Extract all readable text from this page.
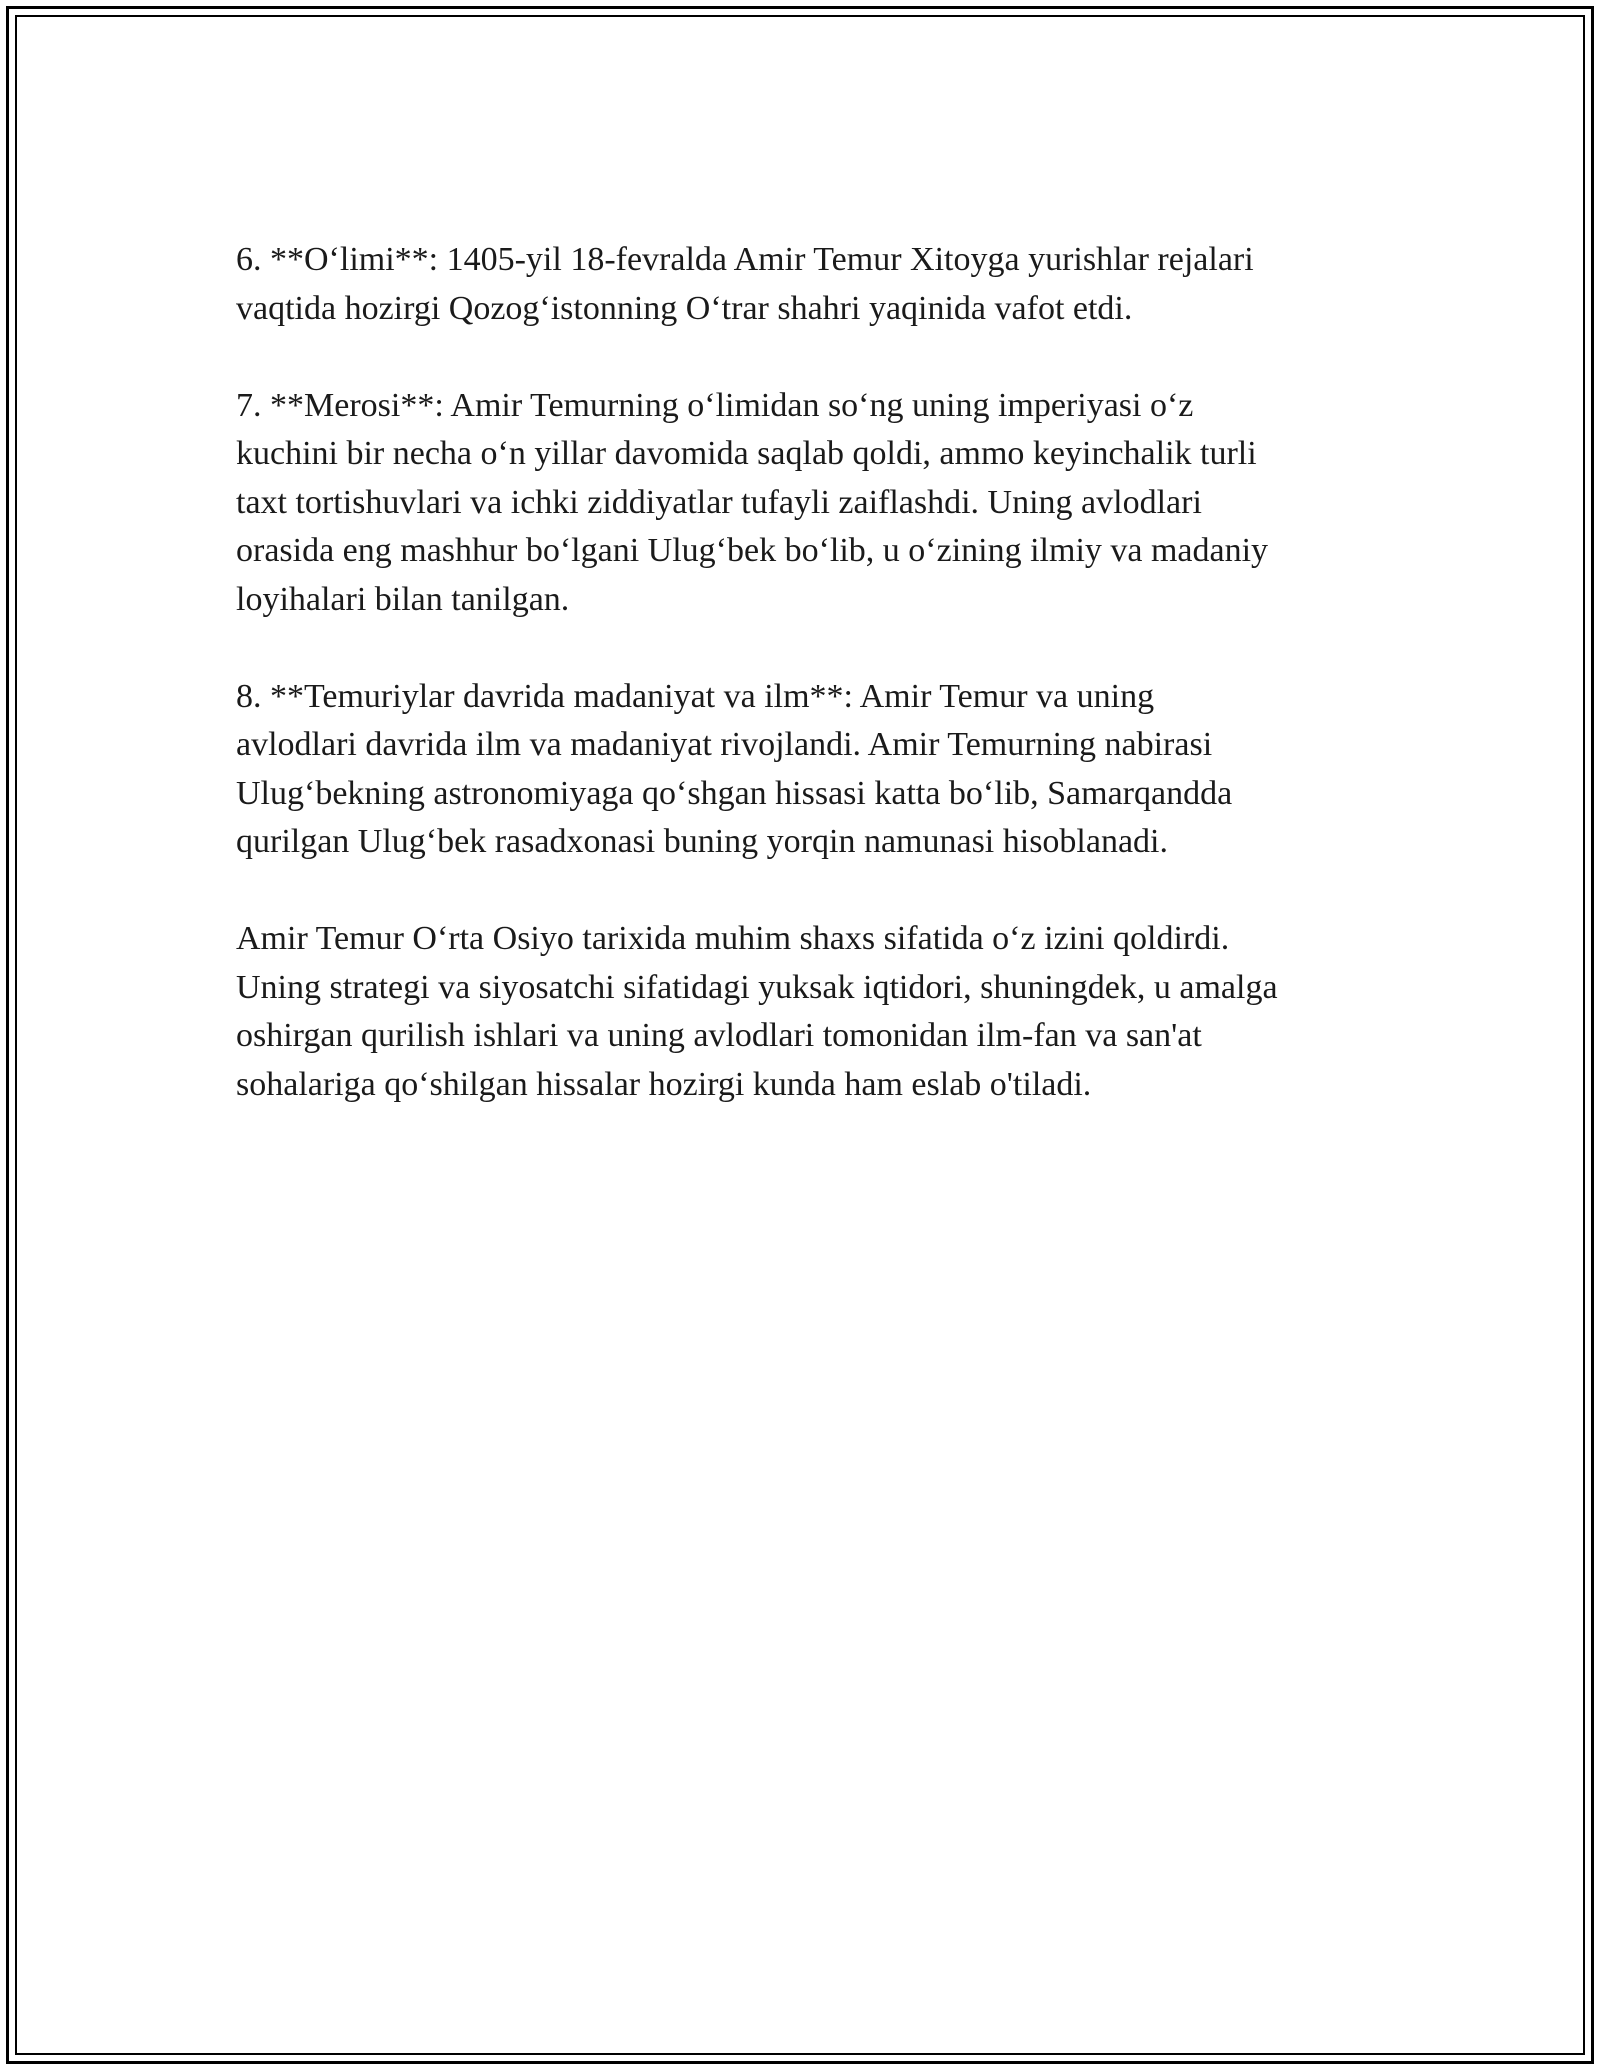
6. **O‘limi**: 1405-yil 18-fevralda Amir Temur Xitoyga yurishlar rejalari
vaqtida hozirgi Qozog‘istonning O‘trar shahri yaqinida vafot etdi.

7. **Merosi**: Amir Temurning o‘limidan so‘ng uning imperiyasi o‘z
kuchini bir necha o‘n yillar davomida saqlab qoldi, ammo keyinchalik turli
taxt tortishuvlari va ichki ziddiyatlar tufayli zaiflashdi. Uning avlodlari
orasida eng mashhur bo‘lgani Ulug‘bek bo‘lib, u o‘zining ilmiy va madaniy
loyihalari bilan tanilgan.

8. **Temuriylar davrida madaniyat va ilm**: Amir Temur va uning
avlodlari davrida ilm va madaniyat rivojlandi. Amir Temurning nabirasi
Ulug‘bekning astronomiyaga qo‘shgan hissasi katta bo‘lib, Samarqandda
qurilgan Ulug‘bek rasadxonasi buning yorqin namunasi hisoblanadi.

Amir Temur O‘rta Osiyo tarixida muhim shaxs sifatida o‘z izini qoldirdi.
Uning strategi va siyosatchi sifatidagi yuksak iqtidori, shuningdek, u amalga
oshirgan qurilish ishlari va uning avlodlari tomonidan ilm-fan va san'at
sohalariga qo‘shilgan hissalar hozirgi kunda ham eslab o'tiladi.
